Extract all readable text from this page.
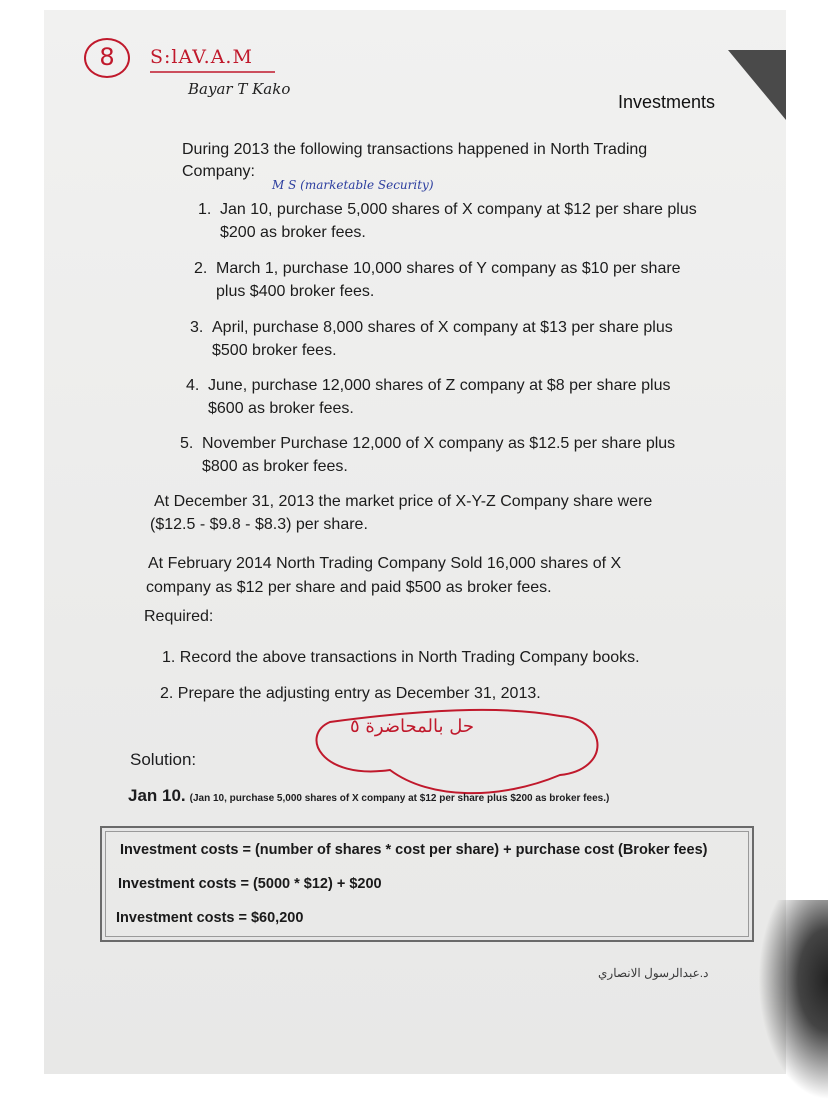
8	S:lAV.A.M
Bayar T Kako
Investments
During 2013 the following transactions happened in North Trading
Company:
M S (marketable Security)
1. Jan 10, purchase 5,000 shares of X company at $12 per share plus
$200 as broker fees.
2. March 1, purchase 10,000 shares of Y company as $10 per share
plus $400 broker fees.
3. April, purchase 8,000 shares of X company at $13 per share plus
$500 broker fees.
4. June, purchase 12,000 shares of Z company at $8 per share plus
$600 as broker fees.
5. November Purchase 12,000 of X company as $12.5 per share plus
$800 as broker fees.
At December 31, 2013 the market price of X-Y-Z Company share were
($12.5 - $9.8 - $8.3) per share.
At February 2014 North Trading Company Sold 16,000 shares of X
company as $12 per share and paid $500 as broker fees.
Required:
1. Record the above transactions in North Trading Company books.
2. Prepare the adjusting entry as December 31, 2013.
حل بالمحاضرة ٥
Solution:
Jan 10. (Jan 10, purchase 5,000 shares of X company at $12 per share plus $200 as broker fees.)
Investment costs = (number of shares * cost per share) + purchase cost (Broker fees)
Investment costs = (5000 * $12) + $200
Investment costs = $60,200
د.عبدالرسول الانصاري
